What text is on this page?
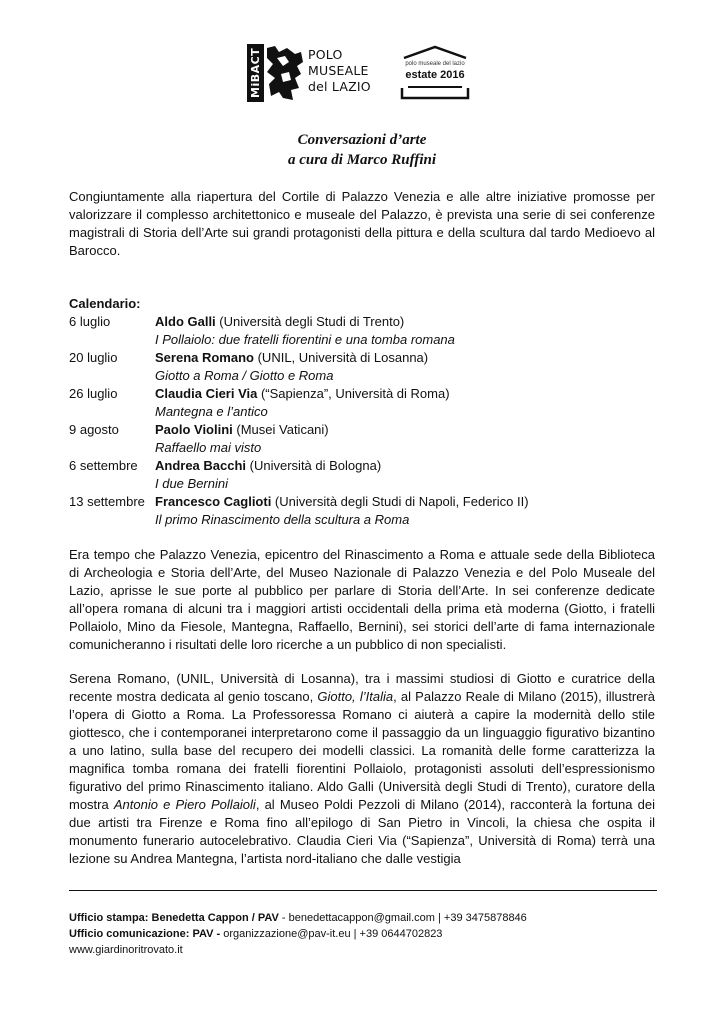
MiBACT	POLO
MUSEALE
del LAZIO
polo museale del lazio
estate 2016
Conversazioni d’arte
a cura di Marco Ruffini

Congiuntamente alla riapertura del Cortile di Palazzo Venezia e alle altre iniziative promosse per valorizzare il complesso architettonico e museale del Palazzo, è prevista una serie di sei conferenze magistrali di Storia dell’Arte sui grandi protagonisti della pittura e della scultura dal tardo Medioevo al Barocco.

Calendario:
6 luglio	Aldo Galli (Università degli Studi di Trento)
I Pollaiolo: due fratelli fiorentini e una tomba romana
20 luglio	Serena Romano (UNIL, Università di Losanna)
Giotto a Roma / Giotto e Roma
26 luglio	Claudia Cieri Via (“Sapienza”, Università di Roma)
Mantegna e l’antico
9 agosto	Paolo Violini (Musei Vaticani)
Raffaello mai visto
6 settembre Andrea Bacchi (Università di Bologna)
I due Bernini
13 settembre Francesco Caglioti (Università degli Studi di Napoli, Federico II)
Il primo Rinascimento della scultura a Roma

Era tempo che Palazzo Venezia, epicentro del Rinascimento a Roma e attuale sede della Biblioteca di Archeologia e Storia dell’Arte, del Museo Nazionale di Palazzo Venezia e del Polo Museale del Lazio, aprisse le sue porte al pubblico per parlare di Storia dell’Arte. In sei conferenze dedicate all’opera romana di alcuni tra i maggiori artisti occidentali della prima età moderna (Giotto, i fratelli Pollaiolo, Mino da Fiesole, Mantegna, Raffaello, Bernini), sei storici dell’arte di fama internazionale comunicheranno i risultati delle loro ricerche a un pubblico di non specialisti.

Serena Romano, (UNIL, Università di Losanna), tra i massimi studiosi di Giotto e curatrice della recente mostra dedicata al genio toscano, Giotto, l’Italia, al Palazzo Reale di Milano (2015), illustrerà l’opera di Giotto a Roma. La Professoressa Romano ci aiuterà a capire la modernità dello stile giottesco, che i contemporanei interpretarono come il passaggio da un linguaggio figurativo bizantino a uno latino, sulla base del recupero dei modelli classici. La romanità delle forme caratterizza la magnifica tomba romana dei fratelli fiorentini Pollaiolo, protagonisti assoluti dell’espressionismo figurativo del primo Rinascimento italiano. Aldo Galli (Università degli Studi di Trento), curatore della mostra Antonio e Piero Pollaioli, al Museo Poldi Pezzoli di Milano (2014), racconterà la fortuna dei due artisti tra Firenze e Roma fino all’epilogo di San Pietro in Vincoli, la chiesa che ospita il monumento funerario autocelebrativo. Claudia Cieri Via (“Sapienza”, Università di Roma) terrà una lezione su Andrea Mantegna, l’artista nord-italiano che dalle vestigia

Ufficio stampa: Benedetta Cappon / PAV - benedettacappon@gmail.com | +39 3475878846
Ufficio comunicazione: PAV - organizzazione@pav-it.eu | +39 0644702823
www.giardinoritrovato.it
